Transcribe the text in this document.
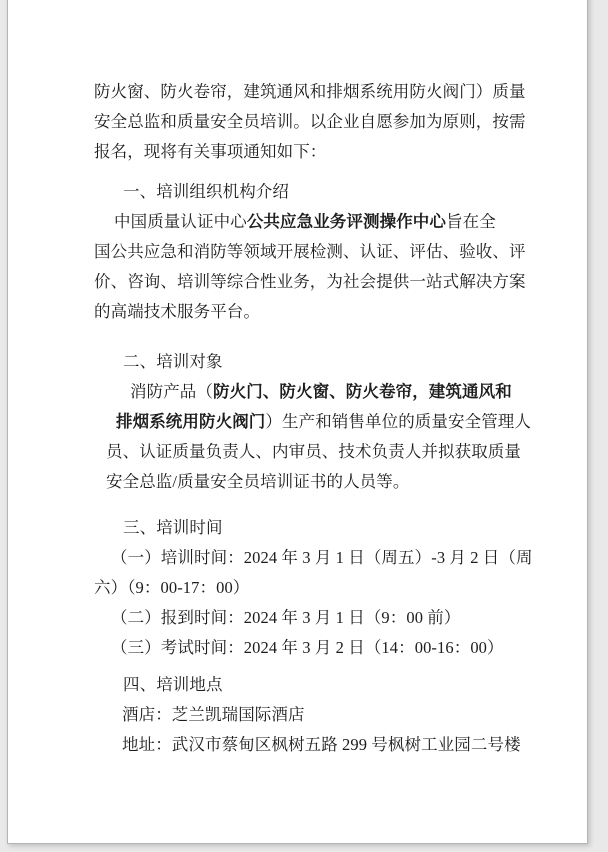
防火窗、防火卷帘，建筑通风和排烟系统用防火阀门）质量
安全总监和质量安全员培训。以企业自愿参加为原则，按需
报名，现将有关事项通知如下：
一、培训组织机构介绍
中国质量认证中心公共应急业务评测操作中心旨在全
国公共应急和消防等领域开展检测、认证、评估、验收、评
价、咨询、培训等综合性业务，为社会提供一站式解决方案
的高端技术服务平台。
二、培训对象
消防产品（防火门、防火窗、防火卷帘，建筑通风和
排烟系统用防火阀门）生产和销售单位的质量安全管理人
员、认证质量负责人、内审员、技术负责人并拟获取质量
安全总监/质量安全员培训证书的人员等。
三、培训时间
（一）培训时间：2024 年 3 月 1 日（周五）-3 月 2 日（周
六）（9：00-17：00）
（二）报到时间：2024 年 3 月 1 日（9：00 前）
（三）考试时间：2024 年 3 月 2 日（14：00-16：00）
四、培训地点
酒店：芝兰凯瑞国际酒店
地址：武汉市蔡甸区枫树五路 299 号枫树工业园二号楼
